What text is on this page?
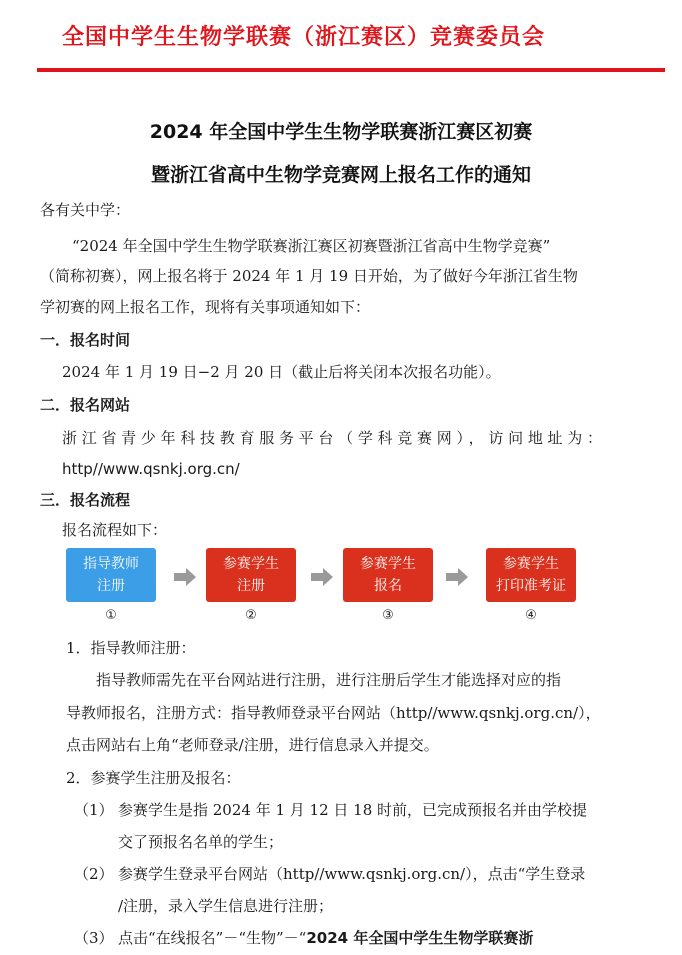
全国中学生生物学联赛（浙江赛区）竞赛委员会
2024 年全国中学生生物学联赛浙江赛区初赛
暨浙江省高中生物学竞赛网上报名工作的通知
各有关中学：
“2024 年全国中学生生物学联赛浙江赛区初赛暨浙江省高中生物学竞赛”
（简称初赛），网上报名将于 2024 年 1 月 19 日开始，为了做好今年浙江省生物
学初赛的网上报名工作，现将有关事项通知如下：
一．报名时间
2024 年 1 月 19 日−2 月 20 日（截止后将关闭本次报名功能）。
二．报名网站
浙江省青少年科技教育服务平台（学科竞赛网），访问地址为：
http//www.qsnkj.org.cn/
三．报名流程
报名流程如下：
指导教师
注册
参赛学生
注册
参赛学生
报名
参赛学生
打印准考证
①	②	③	④
1．指导教师注册：
指导教师需先在平台网站进行注册，进行注册后学生才能选择对应的指
导教师报名，注册方式：指导教师登录平台网站（http//www.qsnkj.org.cn/），
点击网站右上角“老师登录/注册，进行信息录入并提交。
2．参赛学生注册及报名：
（1） 参赛学生是指 2024 年 1 月 12 日 18 时前，已完成预报名并由学校提
交了预报名名单的学生；
（2） 参赛学生登录平台网站（http//www.qsnkj.org.cn/），点击“学生登录
/注册，录入学生信息进行注册；
（3） 点击“在线报名”－“生物”－“2024 年全国中学生生物学联赛浙
